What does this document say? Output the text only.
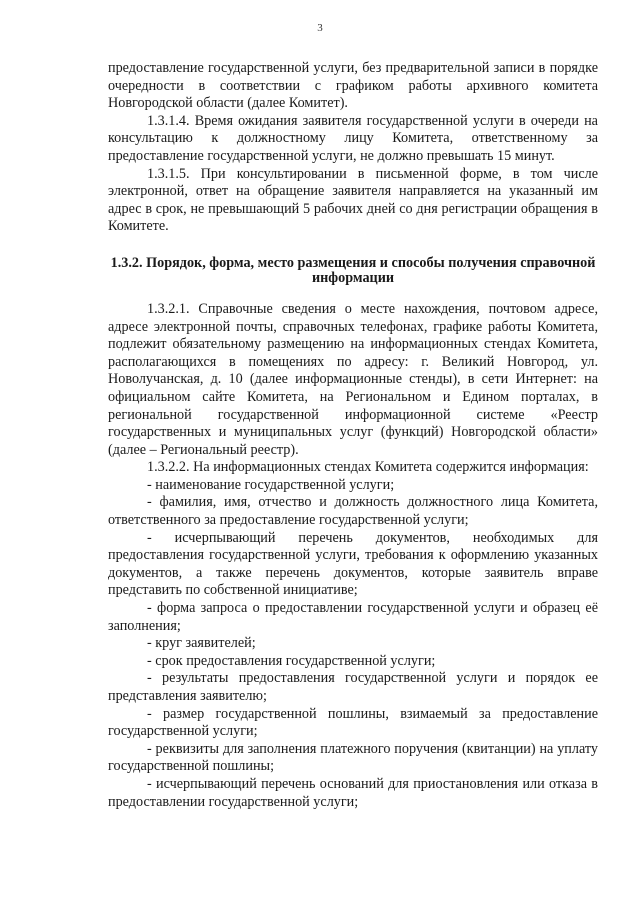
3

предоставление государственной услуги, без предварительной записи в порядке очередности в соответствии с графиком работы архивного комитета Новгородской области (далее Комитет).

1.3.1.4. Время ожидания заявителя государственной услуги в очереди на консультацию к должностному лицу Комитета, ответственному за предоставление государственной услуги, не должно превышать 15 минут.

1.3.1.5. При консультировании в письменной форме, в том числе электронной, ответ на обращение заявителя направляется на указанный им адрес в срок, не превышающий 5 рабочих дней со дня регистрации обращения в Комитете.

1.3.2. Порядок, форма, место размещения и способы получения справочной информации

1.3.2.1. Справочные сведения о месте нахождения, почтовом адресе, адресе электронной почты, справочных телефонах, графике работы Комитета, подлежит обязательному размещению на информационных стендах Комитета, располагающихся в помещениях по адресу: г. Великий Новгород, ул. Новолучанская, д. 10 (далее информационные стенды), в сети Интернет: на официальном сайте Комитета, на Региональном и Едином порталах, в региональной государственной информационной системе «Реестр государственных и муниципальных услуг (функций) Новгородской области» (далее – Региональный реестр).

1.3.2.2. На информационных стендах Комитета содержится информация:

- наименование государственной услуги;

- фамилия, имя, отчество и должность должностного лица Комитета, ответственного за предоставление государственной услуги;

- исчерпывающий перечень документов, необходимых для предоставления государственной услуги, требования к оформлению указанных документов, а также перечень документов, которые заявитель вправе представить по собственной инициативе;

- форма запроса о предоставлении государственной услуги и образец её заполнения;

- круг заявителей;

- срок предоставления государственной услуги;

- результаты предоставления государственной услуги и порядок ее представления заявителю;

- размер государственной пошлины, взимаемый за предоставление государственной услуги;

- реквизиты для заполнения платежного поручения (квитанции) на уплату государственной пошлины;

- исчерпывающий перечень оснований для приостановления или отказа в предоставлении государственной услуги;
